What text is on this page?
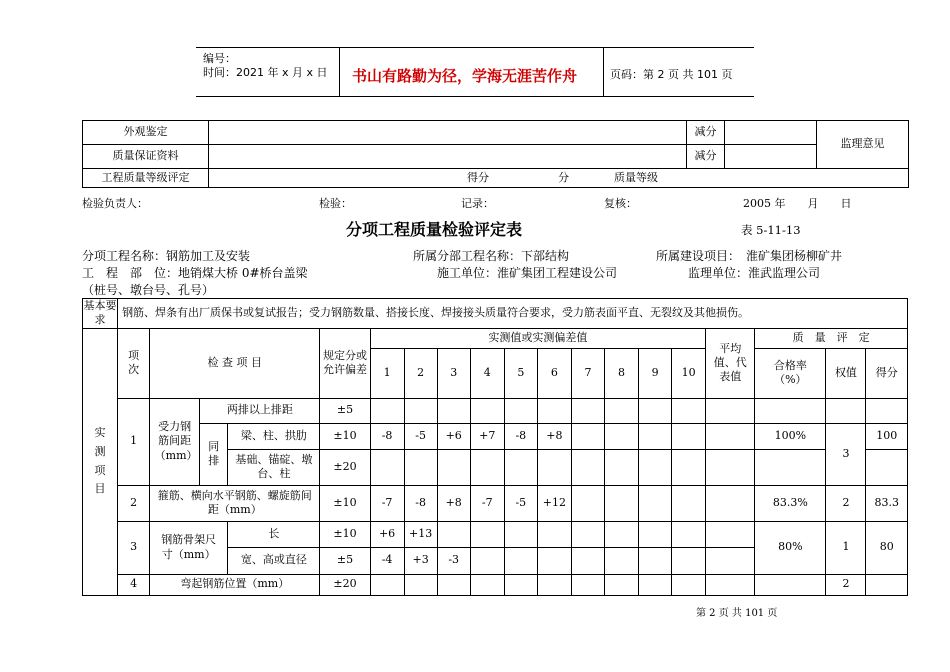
编号：
时间：2021 年 x 月 x 日 书山有路勤为径，学海无涯苦作舟	页码：第 2 页 共 101 页
外观鉴定		减分		监理意见
质量保证资料		减分		
工程质量等级评定	得分 分 质量等级			
检验负责人：	检验：	记录：	复核：	2005 年　　月　　日
分项工程质量检验评定表	表 5-11-13
分项工程名称：钢筋加工及安装	所属分部工程名称：下部结构	所属建设项目：　淮矿集团杨柳矿井
工　程　部　位：地销煤大桥 0#桥台盖梁	施工单位：淮矿集团工程建设公司	监理单位：淮武监理公司
（桩号、墩台号、孔号）
基本要求	钢筋、焊条有出厂质保书或复试报告；受力钢筋数量、搭接长度、焊接接头质量符合要求，受力筋表面平直、无裂纹及其他损伤。																		

实测项目	项次	检 查 项 目			规定分或允许偏差	实测值或实测偏差值										平均值、代表值	质　量　评　定		
						1	2	3	4	5	6	7	8	9	10		合格率（%）	权值	得分
	1	受力钢筋间距（mm）	两排以上排距		±5														

			同排	梁、柱、拱肋	±10	-8	-5	+6	+7	-8	+8						100%	3	100

				基础、锚碇、墩台、柱	±20														
	2	箍筋、横向水平钢筋、螺旋筋间距（mm）			±10	-7	-8	+8	-7	-5	+12						83.3%	2	83.3
	3	钢筋骨架尺寸（mm）		长	±10	+6	+13										80%	1	80
				宽、高或直径	±5	-4	+3	-3											
	4	弯起钢筋位置（mm）			±20													2	
第 2 页 共 101 页
